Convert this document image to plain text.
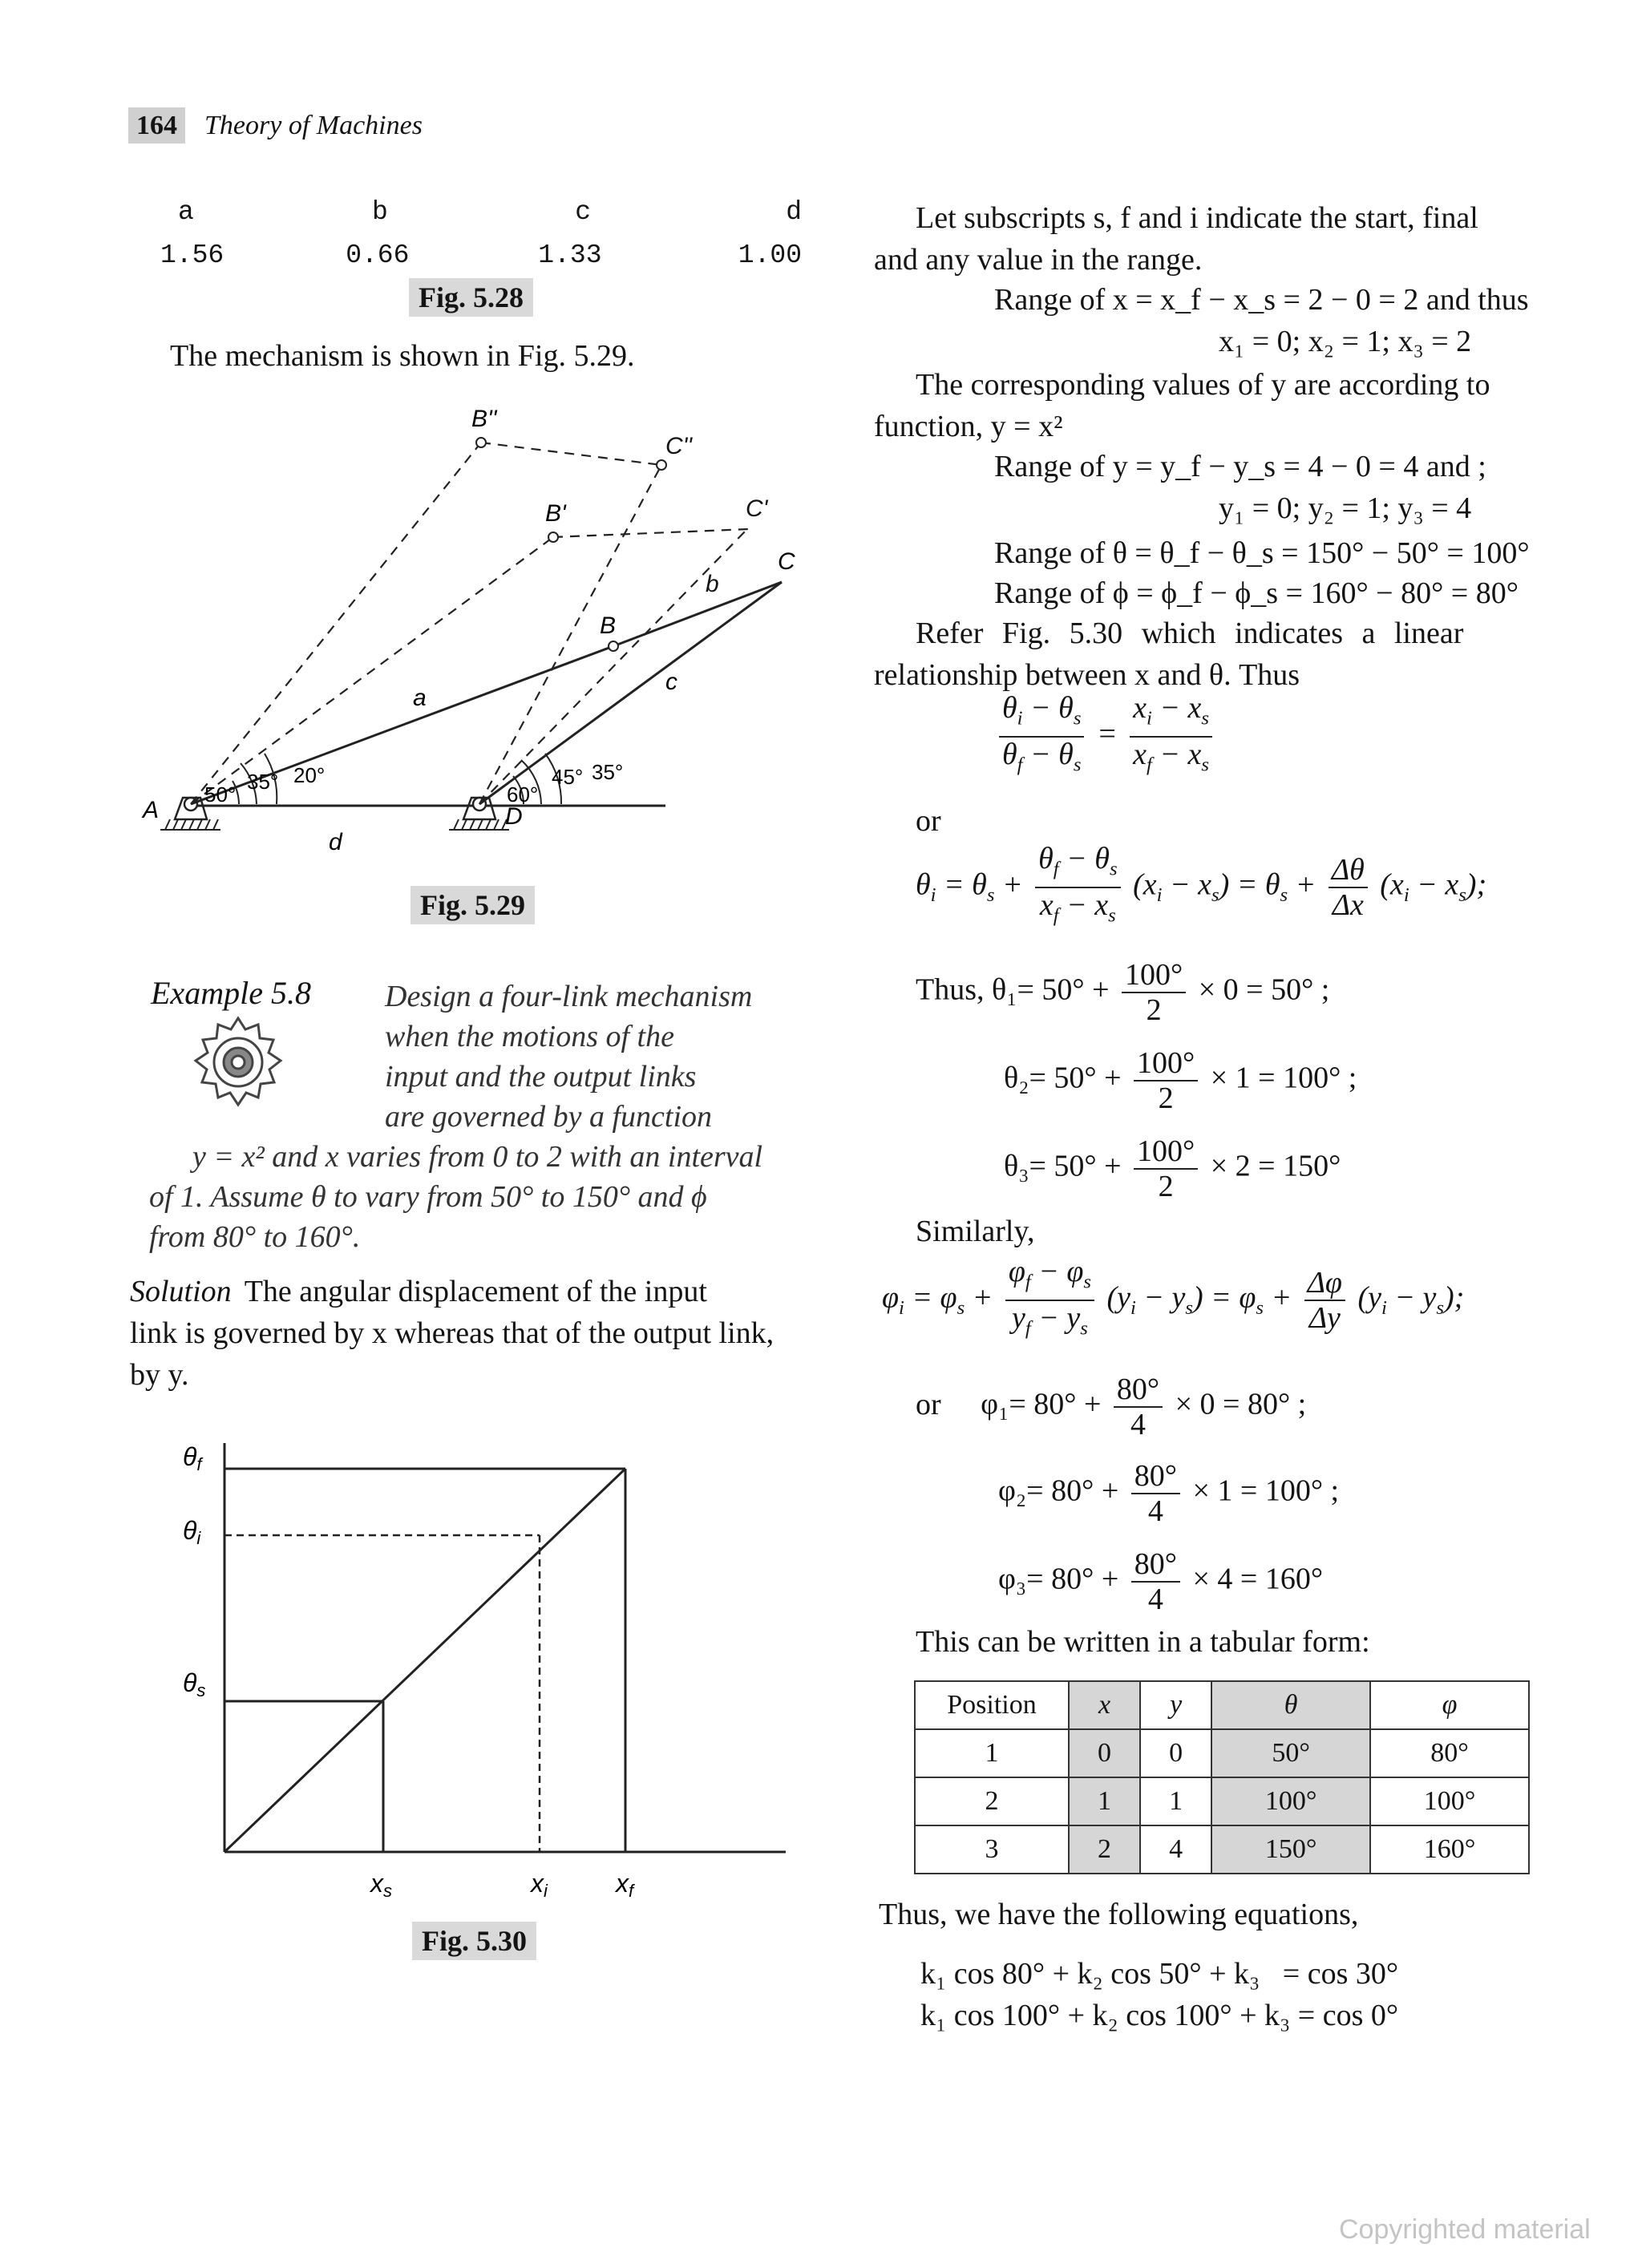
164 Theory of Machines
a	b	c	d
1.56	0.66	1.33	1.00
Fig. 5.28
The mechanism is shown in Fig. 5.29.
A	D
B
C
B'
B''
a
c
d
50°
35° 20°
60°
45° 35°
C'
C''
b
Fig. 5.29
Example 5.8	Design a four-link mechanism
when the motions of the
input and the output links
are governed by a function
y = x² and x varies from 0 to 2 with an interval
of 1. Assume θ to vary from 50° to 150° and ϕ
from 80° to 160°.
Solution The angular displacement of the input
link is governed by x whereas that of the output link,
by y.
θf
θi
θs
xs	xi	xf
Fig. 5.30
Let subscripts s, f and i indicate the start, final
and any value in the range.
Range of x = x_f − x_s = 2 − 0 = 2 and thus
x₁ = 0; x₂ = 1; x₃ = 2
The corresponding values of y are according to
function, y = x²
Range of y = y_f − y_s = 4 − 0 = 4 and ;
y₁ = 0; y₂ = 1; y₃ = 4
Range of θ = θ_f − θ_s = 150° − 50° = 100°
Range of ϕ = ϕ_f − ϕ_s = 160° − 80° = 80°
Refer Fig. 5.30 which indicates a linear
relationship between x and θ. Thus
$\frac{\theta_i - \theta_s}{\theta_f - \theta_s} = \frac{x_i - x_s}{x_f - x_s}$
or
$\theta_i = \theta_s + \frac{\theta_f - \theta_s}{x_f - x_s} (x_i - x_s) = \theta_s + \frac{\Delta\theta}{\Delta x} (x_i - x_s)$;
Thus, $\theta_1= 50^\circ + \frac{100^\circ}{2} \times 0 = 50^\circ$ ;
$\theta_2= 50^\circ + \frac{100^\circ}{2} \times 1 = 100^\circ$ ;
$\theta_3= 50^\circ + \frac{100^\circ}{2} \times 2 = 150^\circ$
Similarly,
$\varphi_i = \varphi_s + \frac{\varphi_f - \varphi_s}{y_f - y_s} (y_i - y_s) = \varphi_s + \frac{\Delta\varphi}{\Delta y} (y_i - y_s)$;
or $\varphi_1= 80^\circ + \frac{80^\circ}{4} \times 0 = 80^\circ$ ;
$\varphi_2= 80^\circ + \frac{80^\circ}{4} \times 1 = 100^\circ$ ;
$\varphi_3= 80^\circ + \frac{80^\circ}{4} \times 4 = 160^\circ$
This can be written in a tabular form:
Position	x	y	θ	φ
1	0	0	50°	80°
2	1	1	100°	100°
3	2	4	150°	160°
Thus, we have the following equations,
k₁ cos 80° + k₂ cos 50° + k₃   = cos 30°
k₁ cos 100° + k₂ cos 100° + k₃ = cos 0°
Copyrighted material
